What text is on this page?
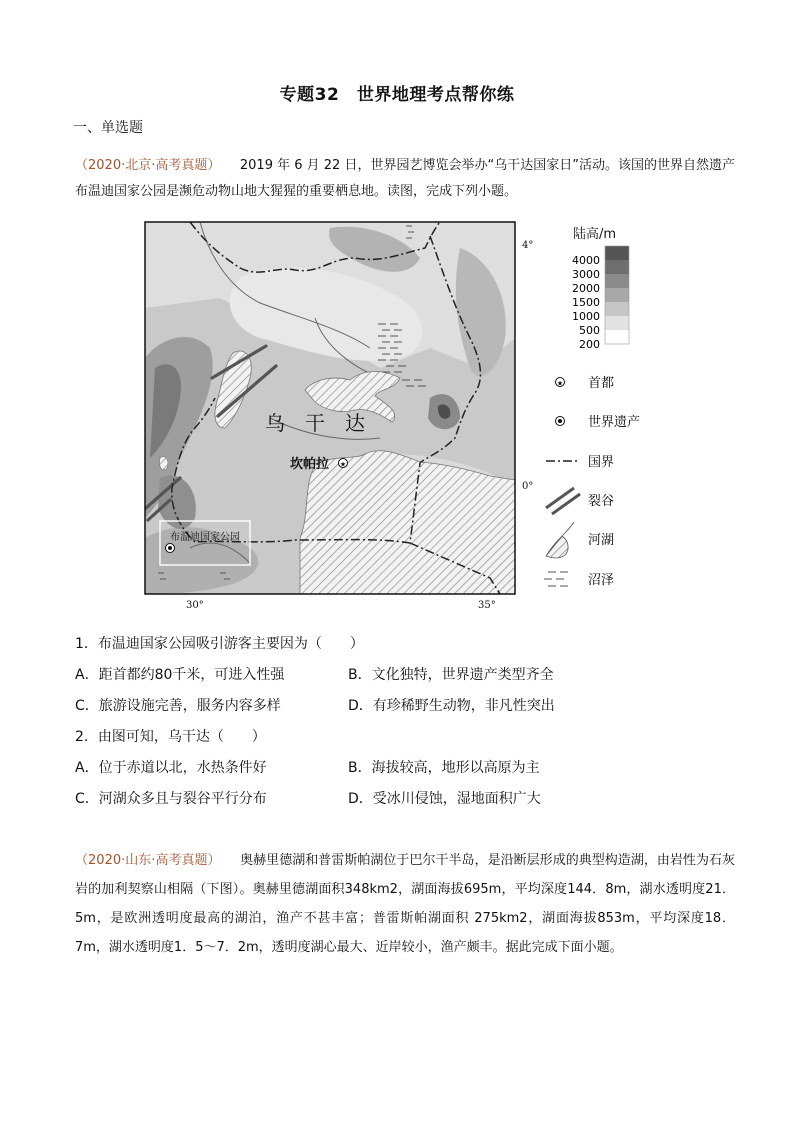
专题32　世界地理考点帮你练
一、单选题
（2020·北京·高考真题）　　2019 年 6 月 22 日，世界园艺博览会举办“乌干达国家日”活动。该国的世界自然遗产布温迪国家公园是濒危动物山地大猩猩的重要栖息地。读图，完成下列小题。
乌　干　达
坎帕拉 ★
布温迪国家公园
4°
0°
30°	35°
陆高/m
4000
3000
2000
1500
1000
500
200
★ 首都
世界遗产
国界
裂谷
河湖
沼泽
1．布温迪国家公园吸引游客主要因为（　　）
A．距首都约80千米，可进入性强	B．文化独特，世界遗产类型齐全
C．旅游设施完善，服务内容多样	D．有珍稀野生动物，非凡性突出
2．由图可知，乌干达（　　）
A．位于赤道以北，水热条件好	B．海拔较高，地形以高原为主
C．河湖众多且与裂谷平行分布	D．受冰川侵蚀，湿地面积广大
（2020·山东·高考真题）　　奥赫里德湖和普雷斯帕湖位于巴尔干半岛，是沿断层形成的典型构造湖，由岩性为石灰岩的加利契察山相隔（下图）。奥赫里德湖面积348km2，湖面海拔695m，平均深度144．8m，湖水透明度21．5m，是欧洲透明度最高的湖泊，渔产不甚丰富；普雷斯帕湖面积 275km2，湖面海拔853m，平均深度18．7m，湖水透明度1．5～7．2m，透明度湖心最大、近岸较小，渔产颇丰。据此完成下面小题。
